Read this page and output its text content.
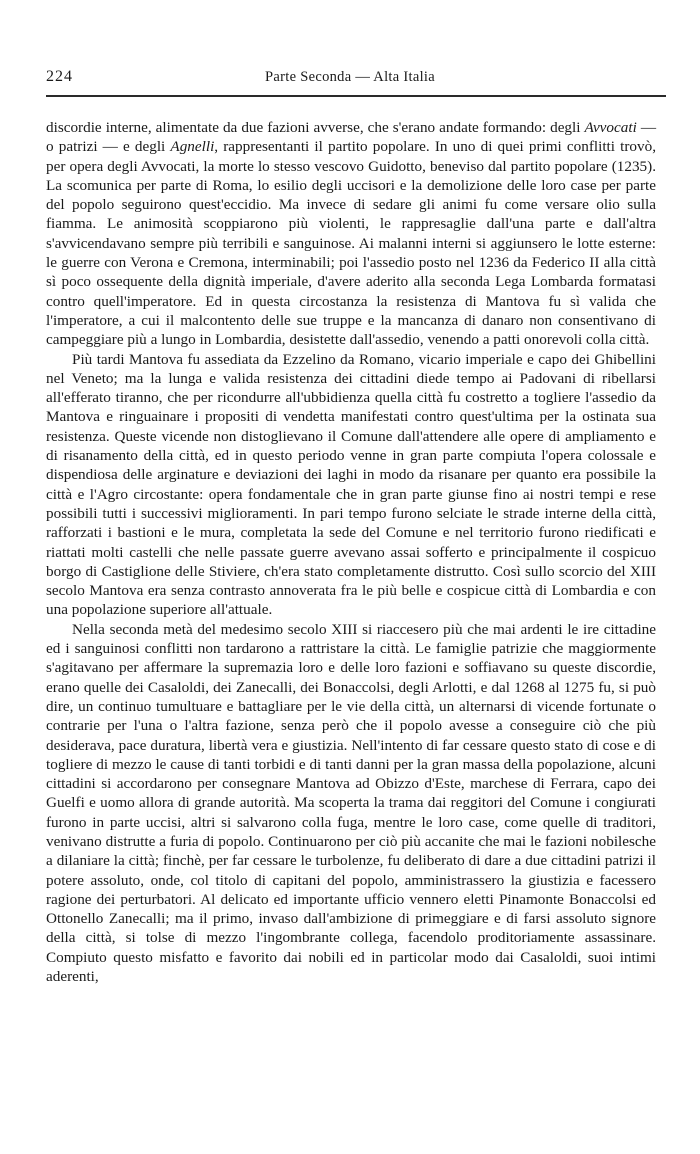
224	Parte Seconda — Alta Italia

discordie interne, alimentate da due fazioni avverse, che s'erano andate formando: degli Avvocati — o patrizi — e degli Agnelli, rappresentanti il partito popolare. In uno di quei primi conflitti trovò, per opera degli Avvocati, la morte lo stesso vescovo Guidotto, beneviso dal partito popolare (1235). La scomunica per parte di Roma, lo esilio degli uccisori e la demolizione delle loro case per parte del popolo seguirono quest'eccidio. Ma invece di sedare gli animi fu come versare olio sulla fiamma. Le animosità scoppiarono più violenti, le rappresaglie dall'una parte e dall'altra s'avvicendavano sempre più terribili e sanguinose. Ai malanni interni si aggiunsero le lotte esterne: le guerre con Verona e Cremona, interminabili; poi l'assedio posto nel 1236 da Federico II alla città sì poco ossequente della dignità imperiale, d'avere aderito alla seconda Lega Lombarda formatasi contro quell'imperatore. Ed in questa circostanza la resistenza di Mantova fu sì valida che l'imperatore, a cui il malcontento delle sue truppe e la mancanza di danaro non consentivano di campeggiare più a lungo in Lombardia, desistette dall'assedio, venendo a patti onorevoli colla città.

Più tardi Mantova fu assediata da Ezzelino da Romano, vicario imperiale e capo dei Ghibellini nel Veneto; ma la lunga e valida resistenza dei cittadini diede tempo ai Padovani di ribellarsi all'efferato tiranno, che per ricondurre all'ubbidienza quella città fu costretto a togliere l'assedio da Mantova e ringuainare i propositi di vendetta manifestati contro quest'ultima per la ostinata sua resistenza. Queste vicende non distoglievano il Comune dall'attendere alle opere di ampliamento e di risanamento della città, ed in questo periodo venne in gran parte compiuta l'opera colossale e dispendiosa delle arginature e deviazioni dei laghi in modo da risanare per quanto era possibile la città e l'Agro circostante: opera fondamentale che in gran parte giunse fino ai nostri tempi e rese possibili tutti i successivi miglioramenti. In pari tempo furono selciate le strade interne della città, rafforzati i bastioni e le mura, completata la sede del Comune e nel territorio furono riedificati e riattati molti castelli che nelle passate guerre avevano assai sofferto e principalmente il cospicuo borgo di Castiglione delle Stiviere, ch'era stato completamente distrutto. Così sullo scorcio del XIII secolo Mantova era senza contrasto annoverata fra le più belle e cospicue città di Lombardia e con una popolazione superiore all'attuale.

Nella seconda metà del medesimo secolo XIII si riaccesero più che mai ardenti le ire cittadine ed i sanguinosi conflitti non tardarono a rattristare la città. Le famiglie patrizie che maggiormente s'agitavano per affermare la supremazia loro e delle loro fazioni e soffiavano su queste discordie, erano quelle dei Casaloldi, dei Zanecalli, dei Bonaccolsi, degli Arlotti, e dal 1268 al 1275 fu, si può dire, un continuo tumultuare e battagliare per le vie della città, un alternarsi di vicende fortunate o contrarie per l'una o l'altra fazione, senza però che il popolo avesse a conseguire ciò che più desiderava, pace duratura, libertà vera e giustizia. Nell'intento di far cessare questo stato di cose e di togliere di mezzo le cause di tanti torbidi e di tanti danni per la gran massa della popolazione, alcuni cittadini si accordarono per consegnare Mantova ad Obizzo d'Este, marchese di Ferrara, capo dei Guelfi e uomo allora di grande autorità. Ma scoperta la trama dai reggitori del Comune i congiurati furono in parte uccisi, altri si salvarono colla fuga, mentre le loro case, come quelle di traditori, venivano distrutte a furia di popolo. Continuarono per ciò più accanite che mai le fazioni nobilesche a dilaniare la città; finchè, per far cessare le turbolenze, fu deliberato di dare a due cittadini patrizi il potere assoluto, onde, col titolo di capitani del popolo, amministrassero la giustizia e facessero ragione dei perturbatori. Al delicato ed importante ufficio vennero eletti Pinamonte Bonaccolsi ed Ottonello Zanecalli; ma il primo, invaso dall'ambizione di primeggiare e di farsi assoluto signore della città, si tolse di mezzo l'ingombrante collega, facendolo proditoriamente assassinare. Compiuto questo misfatto e favorito dai nobili ed in particolar modo dai Casaloldi, suoi intimi aderenti,
